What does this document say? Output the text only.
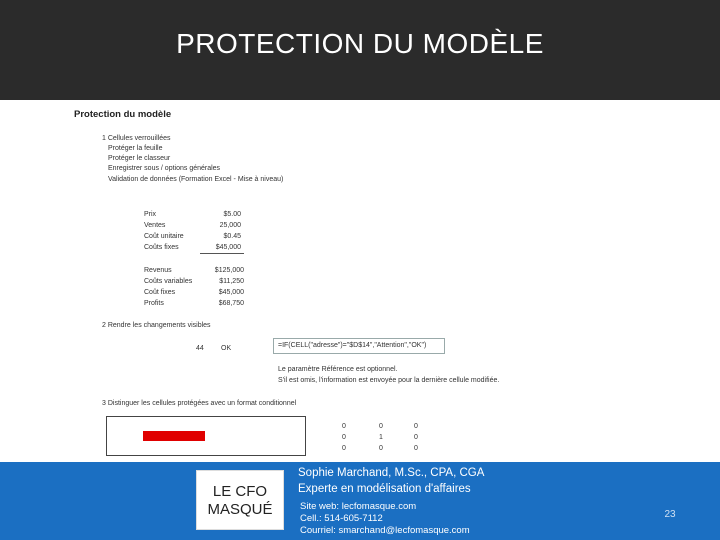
PROTECTION DU MODÈLE
Protection du modèle
1 Cellules verrouillées
Protéger la feuille
Protéger le classeur
Enregistrer sous / options générales
Validation de données (Formation Excel - Mise à niveau)
Prix	$5.00
Ventes	25,000
Coût unitaire	$0.45
Coûts fixes	$45,000
Revenus	$125,000
Coûts variables	$11,250
Coût fixes	$45,000
Profits	$68,750
2 Rendre les changements visibles
44 OK	=IF(CELL("adresse")="$D$14","Attention","OK")
Le paramètre Référence est optionnel.
S'il est omis, l'information est envoyée pour la dernière cellule modifiée.
3 Distinguer les cellules protégées avec un format conditionnel
0	0	0
0	1	0
0	0	0
LE CFO
MASQUÉ
Sophie Marchand, M.Sc., CPA, CGA
Experte en modélisation d'affaires
Site web: lecfomasque.com
Cell.: 514-605-7112
Courriel: smarchand@lecfomasque.com
23
